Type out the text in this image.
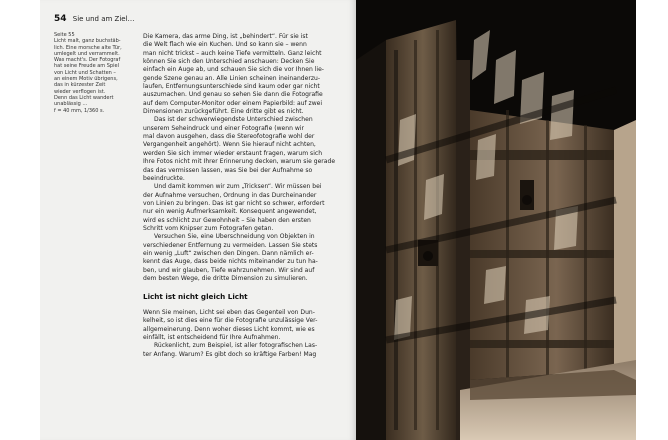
54 Sie und am Ziel…
Seite 55
Licht malt, ganz buchstäb-
lich. Eine morsche alte Tür,
umlegelt und verrammelt.
Was macht's. Der Fotograf
hat seine Freude am Spiel
von Licht und Schatten –
an einem Motiv übrigens,
das in kürzester Zeit
wieder verflogen ist.
Denn das Licht wandert
unablässig …
f = 40 mm, 1/360 s.
Die Kamera, das arme Ding, ist „behindert“. Für sie ist
die Welt flach wie ein Kuchen. Und so kann sie – wenn
man nicht trickst – auch keine Tiefe vermitteln. Ganz leicht
können Sie sich den Unterschied anschauen: Decken Sie
einfach ein Auge ab, und schauen Sie sich die vor Ihnen lie-
gende Szene genau an. Alle Linien scheinen ineinanderzu-
laufen, Entfernungsunterschiede sind kaum oder gar nicht
auszumachen. Und genau so sehen Sie dann die Fotografie
auf dem Computer-Monitor oder einem Papierbild: auf zwei
Dimensionen zurückgeführt. Eine dritte gibt es nicht.
Das ist der schwerwiegendste Unterschied zwischen
unserem Seheindruck und einer Fotografie (wenn wir
mal davon ausgehen, dass die Stereofotografie wohl der
Vergangenheit angehört). Wenn Sie hierauf nicht achten,
werden Sie sich immer wieder erstaunt fragen, warum sich
Ihre Fotos nicht mit Ihrer Erinnerung decken, warum sie gerade
das das vermissen lassen, was Sie bei der Aufnahme so
beeindruckte.
Und damit kommen wir zum „Tricksen“. Wir müssen bei
der Aufnahme versuchen, Ordnung in das Durcheinander
von Linien zu bringen. Das ist gar nicht so schwer, erfordert
nur ein wenig Aufmerksamkeit. Konsequent angewendet,
wird es schlicht zur Gewohnheit – Sie haben den ersten
Schritt vom Knipser zum Fotografen getan.
Versuchen Sie, eine Überschneidung von Objekten in
verschiedener Entfernung zu vermeiden. Lassen Sie stets
ein wenig „Luft“ zwischen den Dingen. Dann nämlich er-
kennt das Auge, dass beide nichts miteinander zu tun ha-
ben, und wir glauben, Tiefe wahrzunehmen. Wir sind auf
dem besten Wege, die dritte Dimension zu simulieren.
Licht ist nicht gleich Licht
Wenn Sie meinen, Licht sei eben das Gegenteil von Dun-
kelheit, so ist dies eine für die Fotografie unzulässige Ver-
allgemeinerung. Denn woher dieses Licht kommt, wie es
einfällt, ist entscheidend für Ihre Aufnahmen.
Rückenlicht, zum Beispiel, ist aller fotografischen Las-
ter Anfang. Warum? Es gibt doch so kräftige Farben! Mag
